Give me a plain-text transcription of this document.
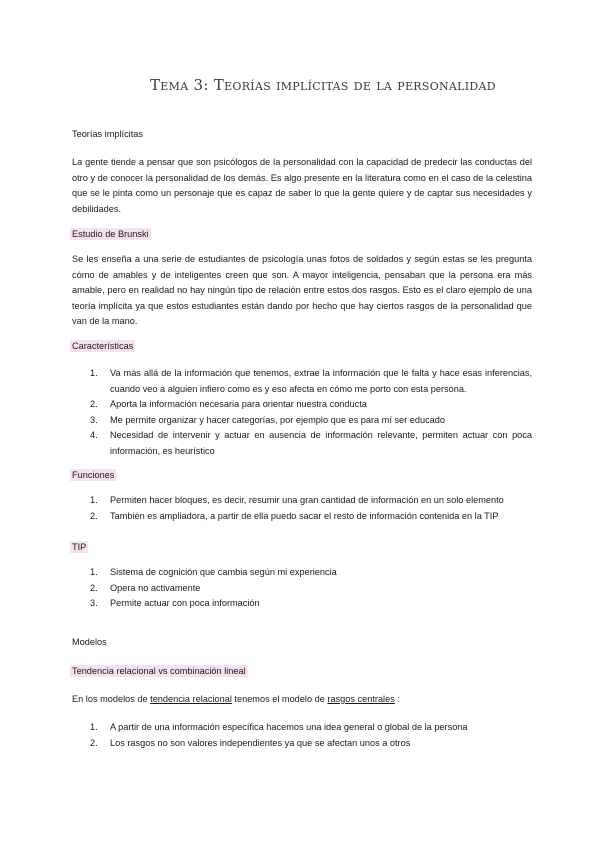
Tema 3: Teorías implícitas de la personalidad
Teorías implícitas
La gente tiende a pensar que son psicólogos de la personalidad con la capacidad de predecir las conductas del otro y de conocer la personalidad de los demás. Es algo presente en la literatura como en el caso de la celestina que se le pinta como un personaje que es capaz de saber lo que la gente quiere y de captar sus necesidades y debilidades.
Estudio de Brunski
Se les enseña a una serie de estudiantes de psicología unas fotos de soldados y según estas se les pregunta cómo de amables y de inteligentes creen que son. A mayor inteligencia, pensaban que la persona era más amable, pero en realidad no hay ningún tipo de relación entre estos dos rasgos. Esto es el claro ejemplo de una teoría implícita ya que estos estudiantes están dando por hecho que hay ciertos rasgos de la personalidad que van de la mano.
Características
1. Va más allá de la información que tenemos, extrae la información que le falta y hace esas inferencias, cuando veo a alguien infiero como es y eso afecta en cómo me porto con esta persona.
2. Aporta la información necesaria para orientar nuestra conducta
3. Me permite organizar y hacer categorías, por ejemplo que es para mí ser educado
4. Necesidad de intervenir y actuar en ausencia de información relevante, permiten actuar con poca información, es heurístico
Funciones
1. Permiten hacer bloques, es decir, resumir una gran cantidad de información en un solo elemento
2. También es ampliadora, a partir de ella puedo sacar el resto de información contenida en la TIP
TIP
1. Sistema de cognición que cambia según mi experiencia
2. Opera no activamente
3. Permite actuar con poca información
Modelos
Tendencia relacional vs combinación lineal
En los modelos de tendencia relacional tenemos el modelo de rasgos centrales :
1. A partir de una información específica hacemos una idea general o global de la persona
2. Los rasgos no son valores independientes ya que se afectan unos a otros
